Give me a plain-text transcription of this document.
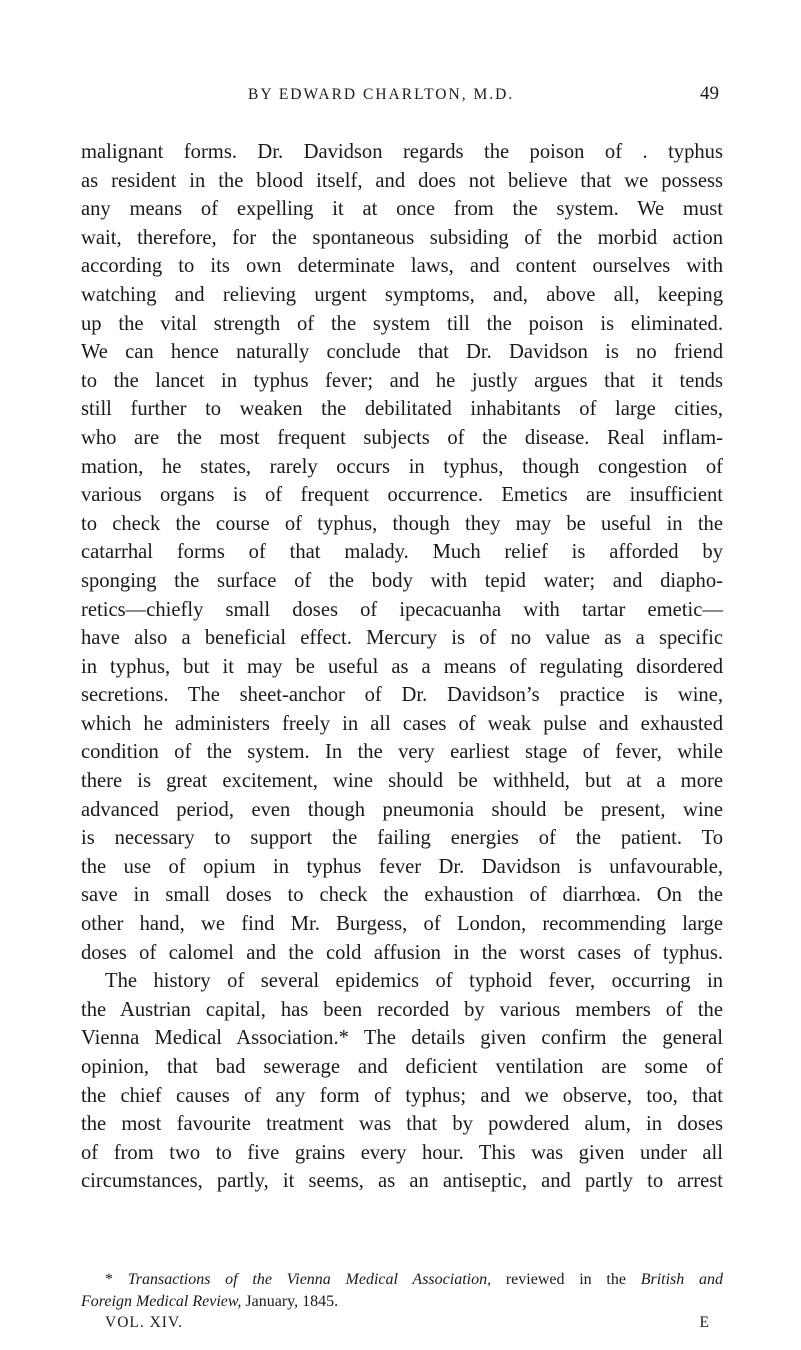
BY EDWARD CHARLTON, M.D.	49
malignant forms. Dr. Davidson regards the poison of . typhus
as resident in the blood itself, and does not believe that we possess
any means of expelling it at once from the system. We must
wait, therefore, for the spontaneous subsiding of the morbid action
according to its own determinate laws, and content ourselves with
watching and relieving urgent symptoms, and, above all, keeping
up the vital strength of the system till the poison is eliminated.
We can hence naturally conclude that Dr. Davidson is no friend
to the lancet in typhus fever; and he justly argues that it tends
still further to weaken the debilitated inhabitants of large cities,
who are the most frequent subjects of the disease. Real inflam-
mation, he states, rarely occurs in typhus, though congestion of
various organs is of frequent occurrence. Emetics are insufficient
to check the course of typhus, though they may be useful in the
catarrhal forms of that malady. Much relief is afforded by
sponging the surface of the body with tepid water; and diapho-
retics—chiefly small doses of ipecacuanha with tartar emetic—
have also a beneficial effect. Mercury is of no value as a specific
in typhus, but it may be useful as a means of regulating disordered
secretions. The sheet-anchor of Dr. Davidson’s practice is wine,
which he administers freely in all cases of weak pulse and exhausted
condition of the system. In the very earliest stage of fever, while
there is great excitement, wine should be withheld, but at a more
advanced period, even though pneumonia should be present, wine
is necessary to support the failing energies of the patient. To
the use of opium in typhus fever Dr. Davidson is unfavourable,
save in small doses to check the exhaustion of diarrhœa. On the
other hand, we find Mr. Burgess, of London, recommending large
doses of calomel and the cold affusion in the worst cases of typhus.
The history of several epidemics of typhoid fever, occurring in
the Austrian capital, has been recorded by various members of the
Vienna Medical Association.* The details given confirm the general
opinion, that bad sewerage and deficient ventilation are some of
the chief causes of any form of typhus; and we observe, too, that
the most favourite treatment was that by powdered alum, in doses
of from two to five grains every hour. This was given under all
circumstances, partly, it seems, as an antiseptic, and partly to arrest
* Transactions of the Vienna Medical Association, reviewed in the British and
Foreign Medical Review, January, 1845.
VOL. XIV.	E
